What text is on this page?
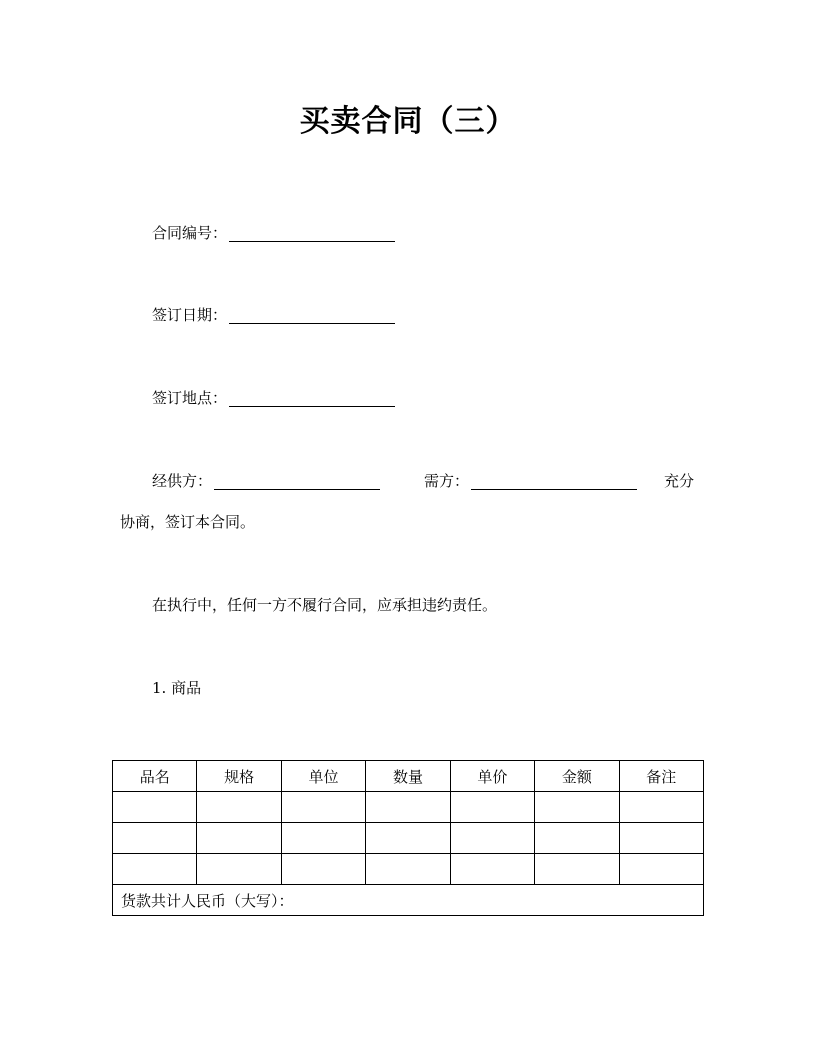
买卖合同（三）
合同编号：
签订日期：
签订地点：
经供方：	需方：	充分
协商，签订本合同。
在执行中，任何一方不履行合同，应承担违约责任。
1. 商品
品名	规格	单位	数量	单价	金额	备注

货款共计人民币（大写）：						
